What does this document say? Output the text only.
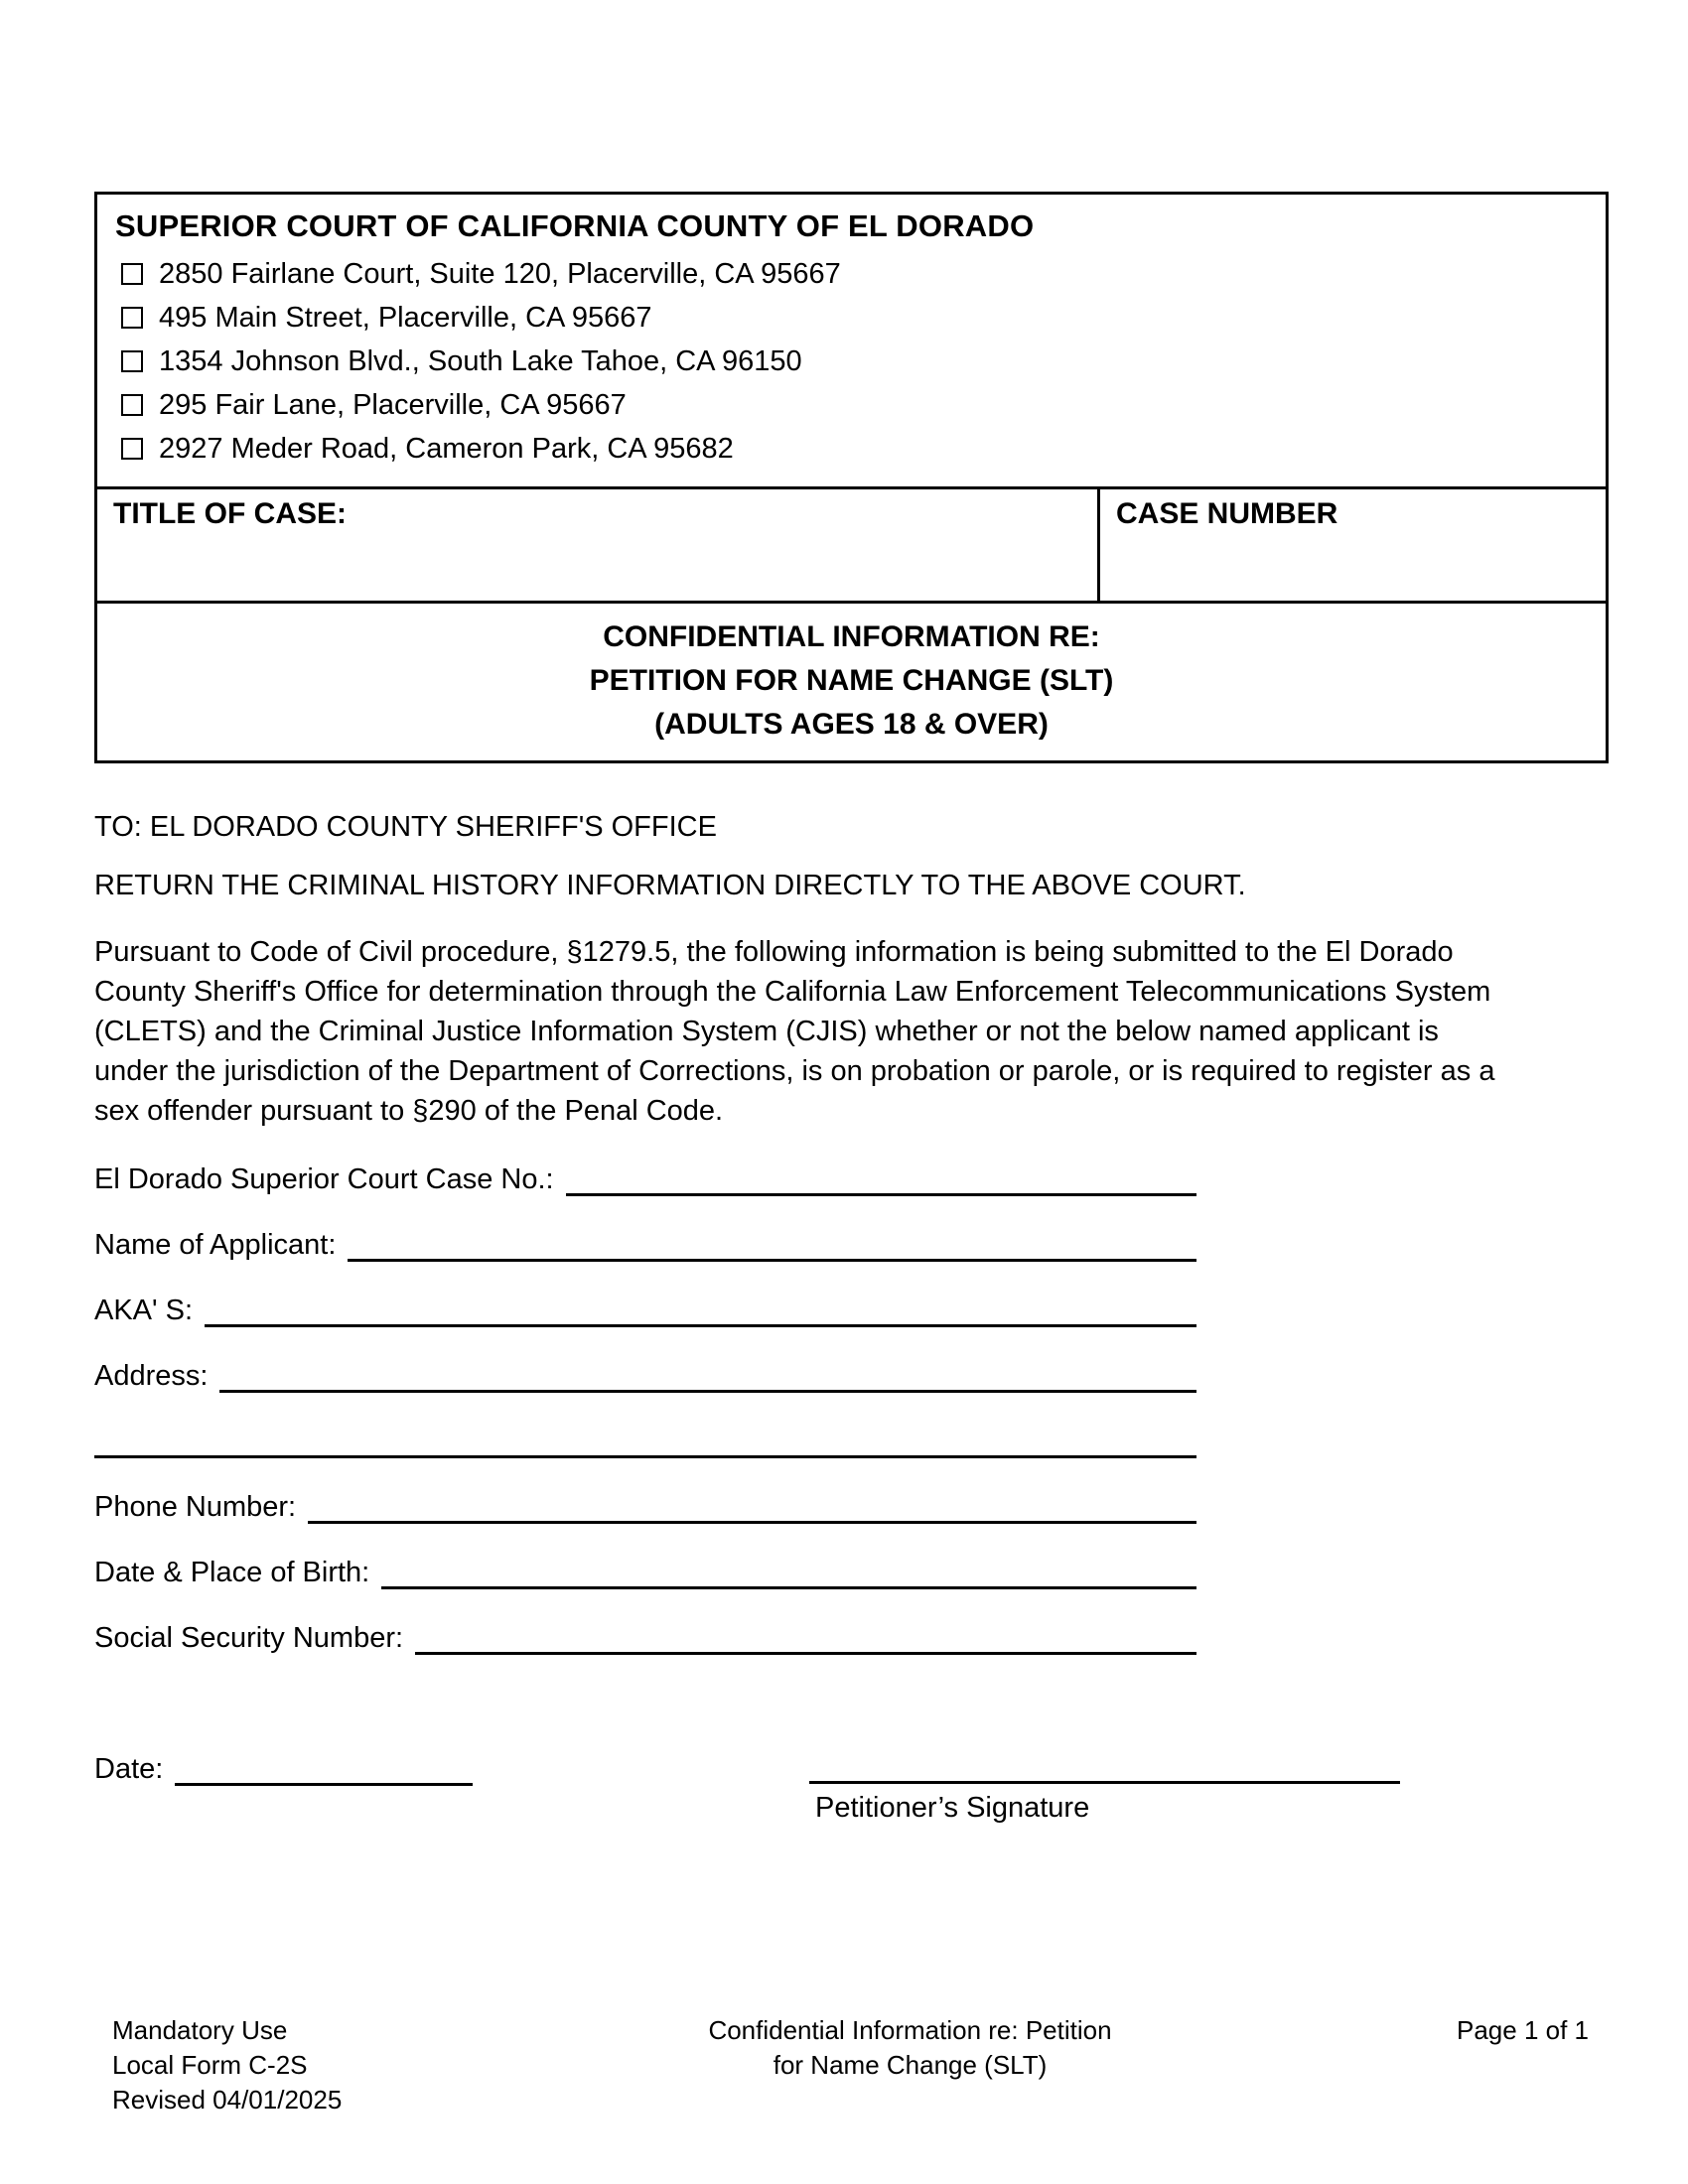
SUPERIOR COURT OF CALIFORNIA COUNTY OF EL DORADO
2850 Fairlane Court, Suite 120, Placerville, CA 95667
495 Main Street, Placerville, CA 95667
1354 Johnson Blvd., South Lake Tahoe, CA 96150
295 Fair Lane, Placerville, CA 95667
2927 Meder Road, Cameron Park, CA 95682
TITLE OF CASE:	CASE NUMBER
CONFIDENTIAL INFORMATION RE:
PETITION FOR NAME CHANGE (SLT)
(ADULTS AGES 18 & OVER)
TO: EL DORADO COUNTY SHERIFF'S OFFICE
RETURN THE CRIMINAL HISTORY INFORMATION DIRECTLY TO THE ABOVE COURT.
Pursuant to Code of Civil procedure, §1279.5, the following information is being submitted to the El Dorado County Sheriff's Office for determination through the California Law Enforcement Telecommunications System (CLETS) and the Criminal Justice Information System (CJIS) whether or not the below named applicant is under the jurisdiction of the Department of Corrections, is on probation or parole, or is required to register as a sex offender pursuant to §290 of the Penal Code.
El Dorado Superior Court Case No.:
Name of Applicant:
AKA' S:
Address:
Phone Number:
Date & Place of Birth:
Social Security Number:
Date:
Petitioner’s Signature
Mandatory Use
Local Form C-2S
Revised 04/01/2025
Confidential Information re: Petition
for Name Change (SLT)
Page 1 of 1
